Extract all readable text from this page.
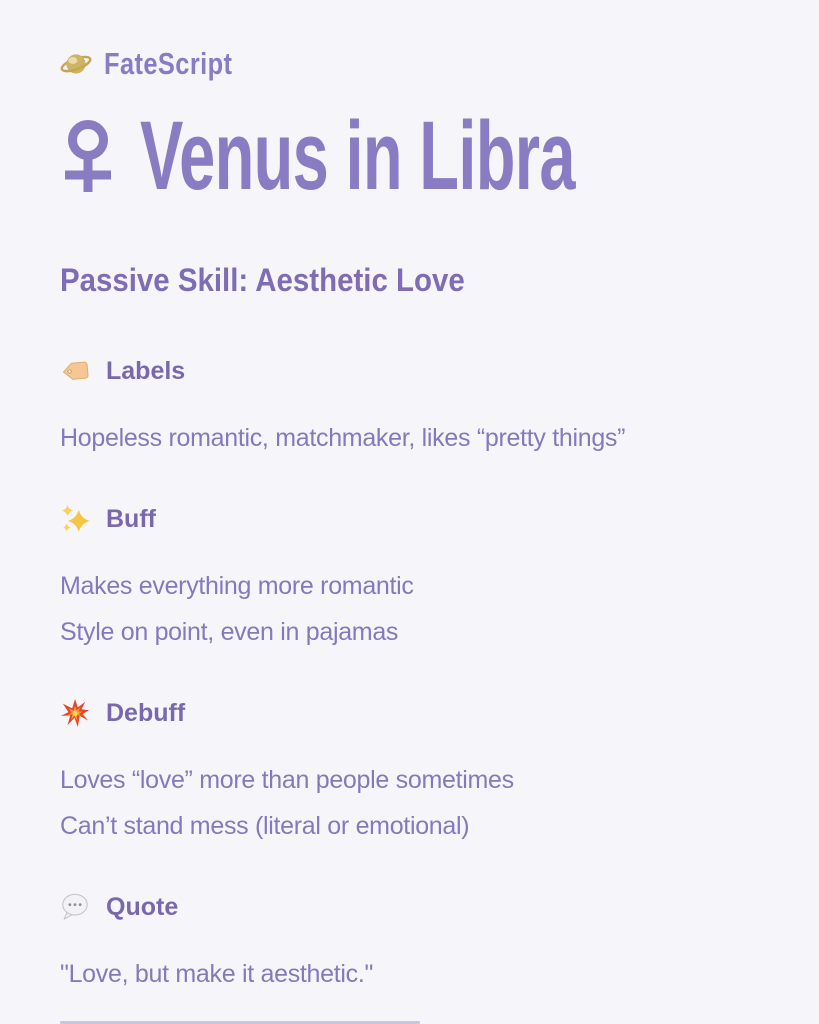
FateScript
Venus in Libra
Passive Skill: Aesthetic Love
Labels

Hopeless romantic, matchmaker, likes “pretty things”

Buff

Makes everything more romantic

Style on point, even in pajamas

Debuff

Loves “love” more than people sometimes

Can’t stand mess (literal or emotional)

Quote

"Love, but make it aesthetic."
